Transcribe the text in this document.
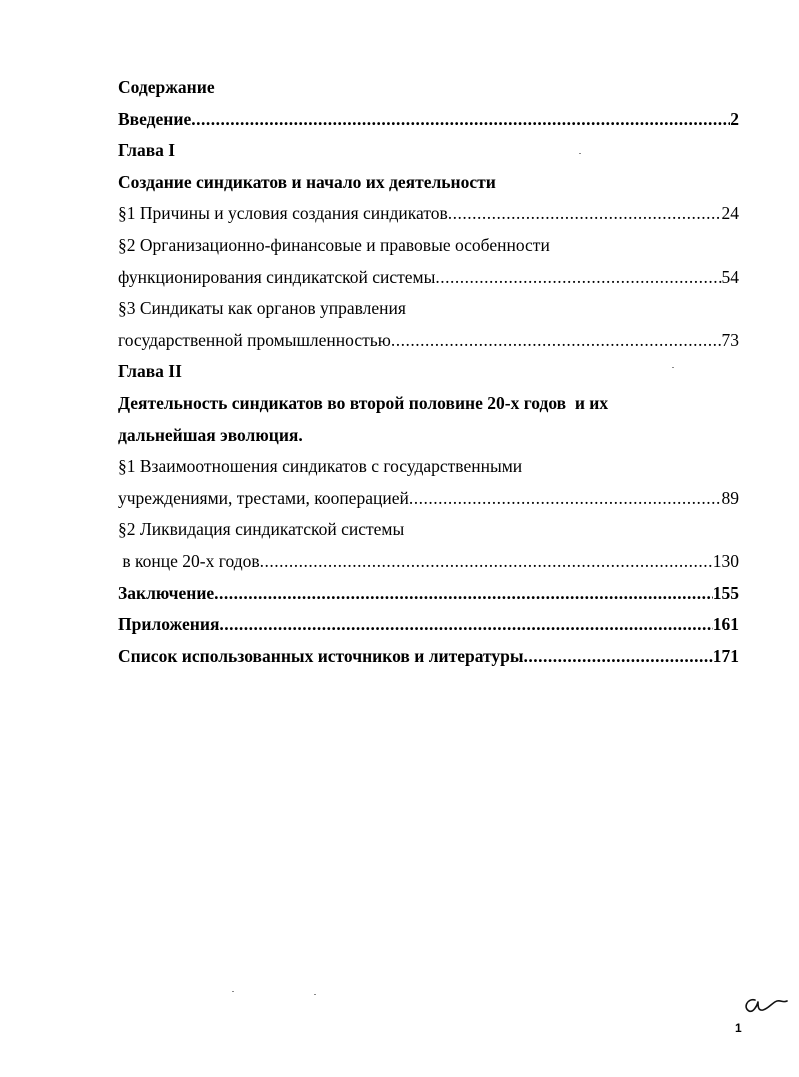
Содержание
Введение .....	2
Глава I
Создание синдикатов и начало их деятельности
§1 Причины и условия создания синдикатов .....	24
§2 Организационно-финансовые и правовые особенности
функционирования синдикатской системы .....	54
§3 Синдикаты как органов управления
государственной промышленностью .....	73
Глава II
Деятельность синдикатов во второй половине 20-х годов  и их
дальнейшая эволюция.
§1 Взаимоотношения синдикатов с государственными
учреждениями, трестами, кооперацией .....	89
§2 Ликвидация синдикатской системы
в конце 20-х годов .....	130
Заключение .....	155
Приложения .....	161
Список использованных источников и литературы .....	171
1
